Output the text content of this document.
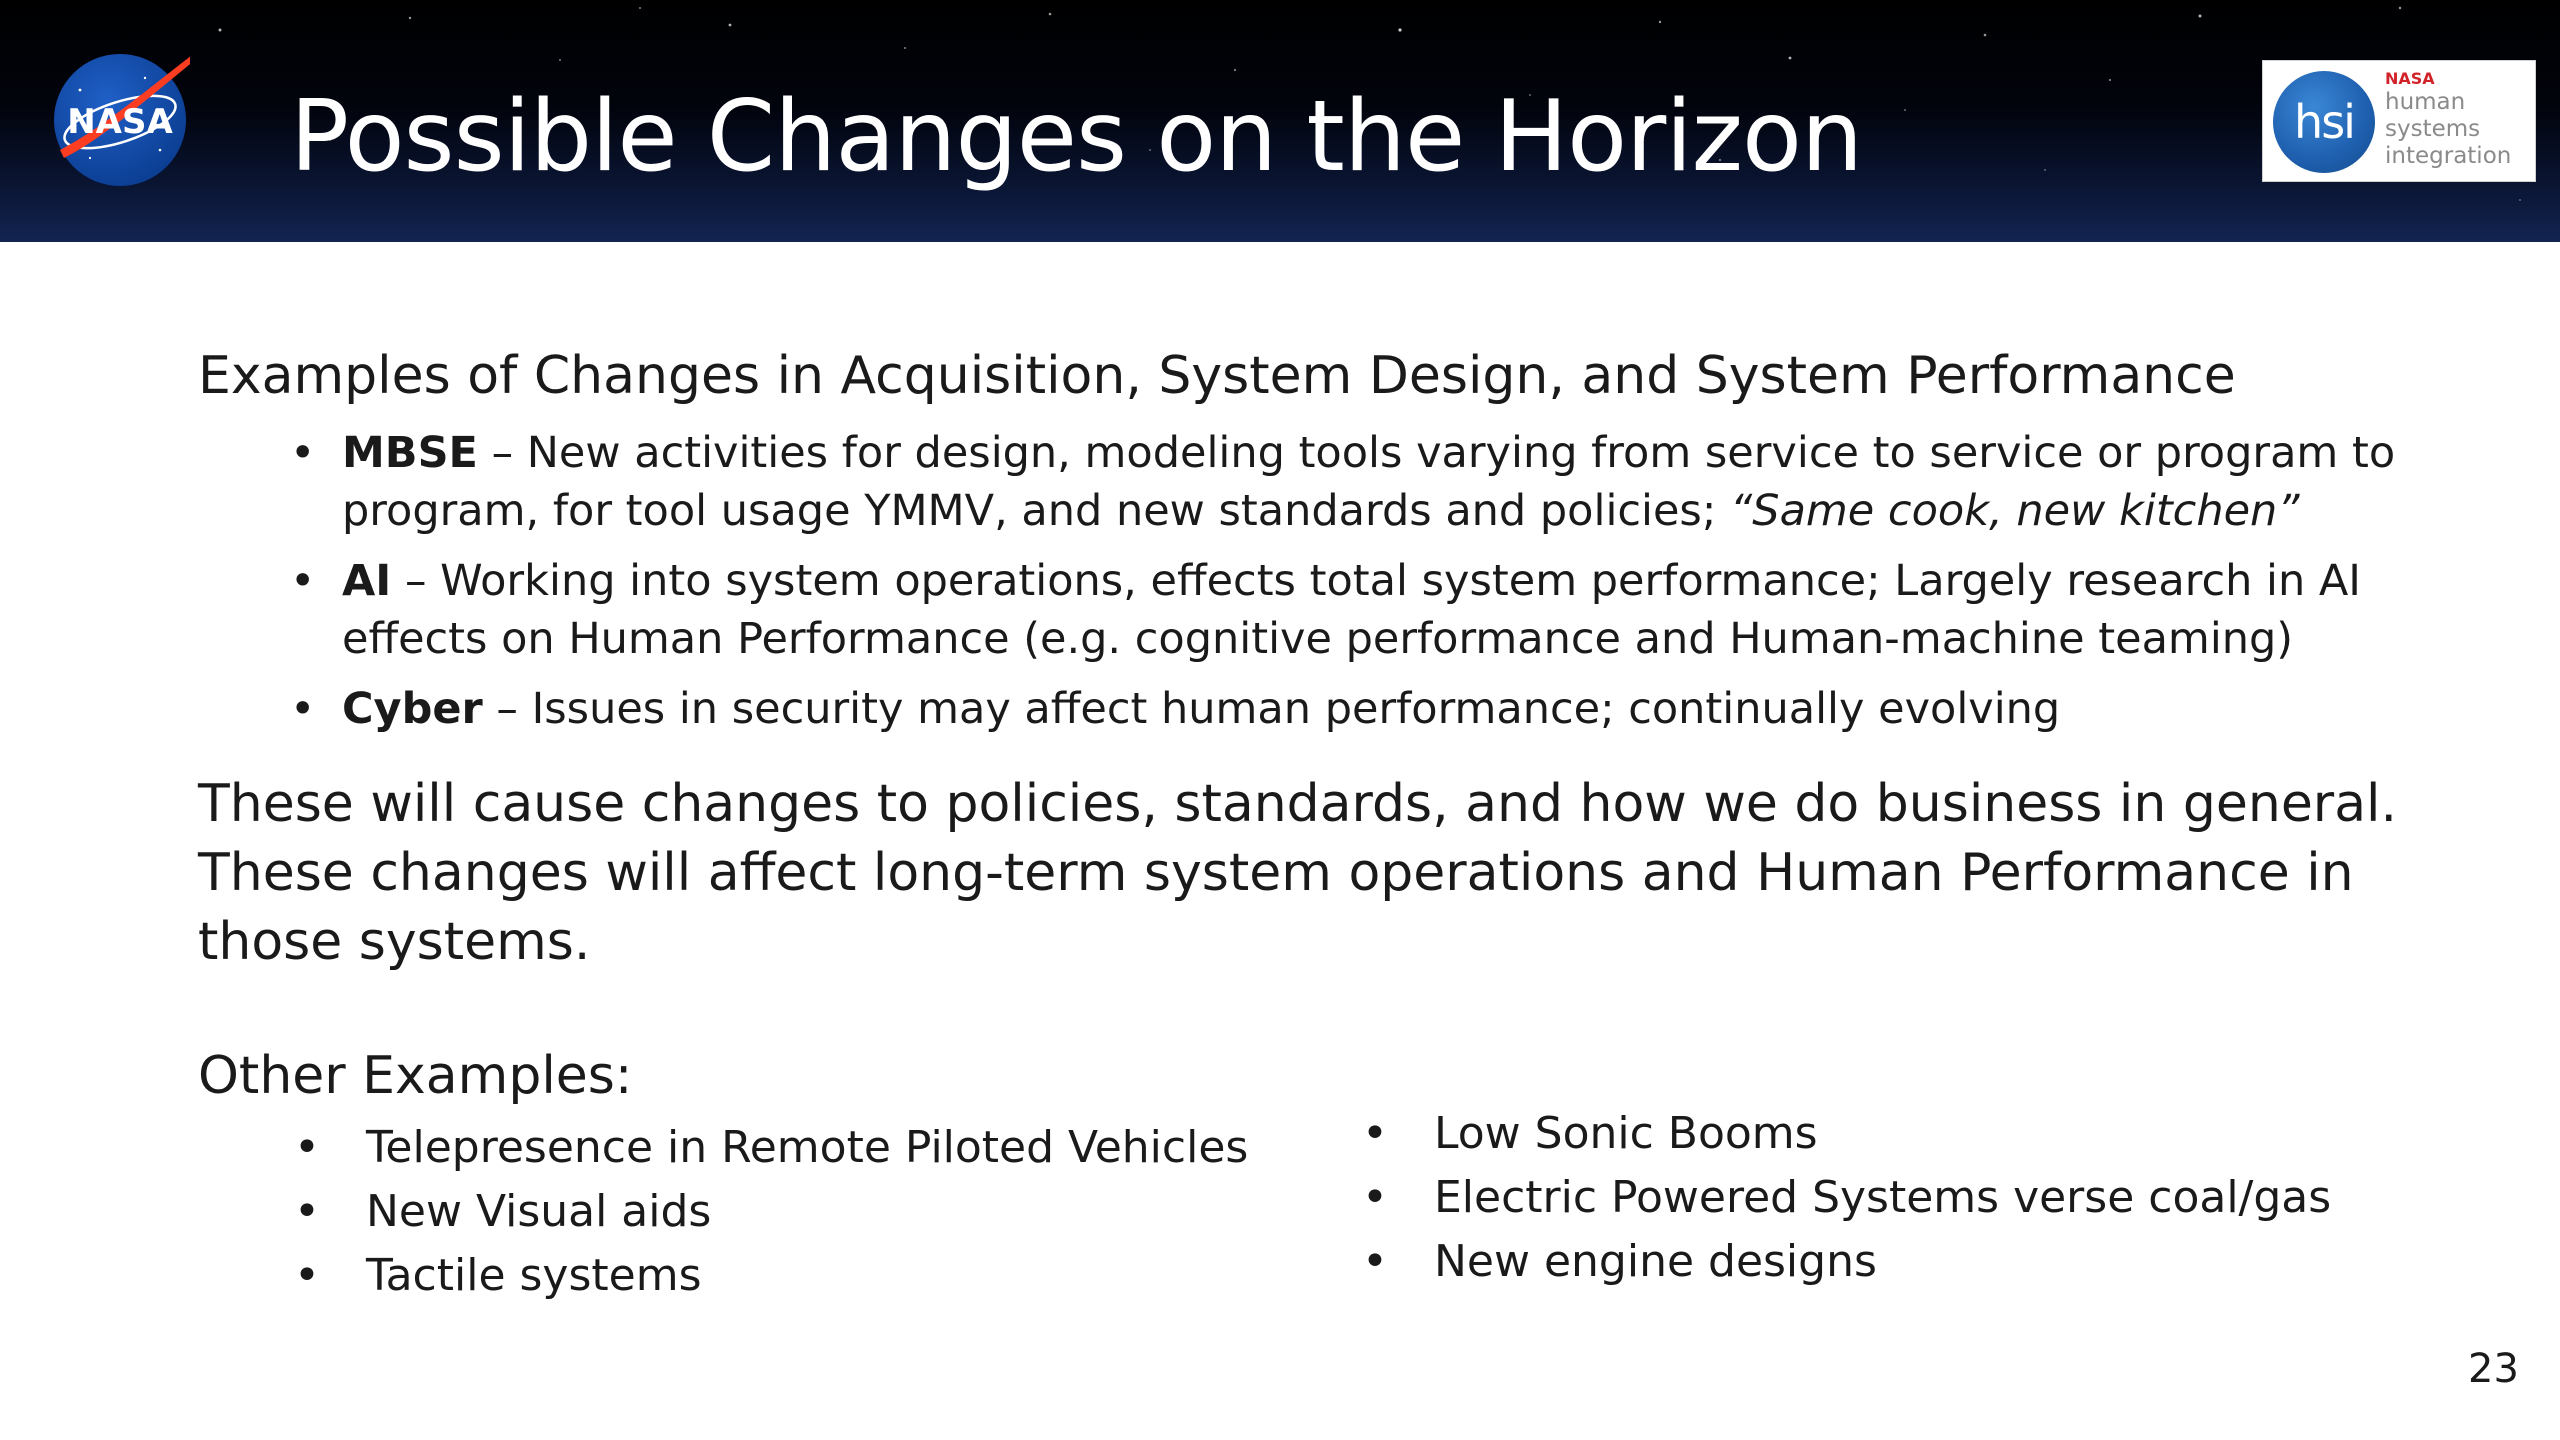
NASA Possible Changes on the Horizon	hsi
NASA
human
systems
integration
Examples of Changes in Acquisition, System Design, and System Performance
• MBSE – New activities for design, modeling tools varying from service to service or program to program, for tool usage YMMV, and new standards and policies; “Same cook, new kitchen”
• AI – Working into system operations, effects total system performance; Largely research in AI effects on Human Performance (e.g. cognitive performance and Human-machine teaming)
• Cyber – Issues in security may affect human performance; continually evolving

These will cause changes to policies, standards, and how we do business in general. These changes will affect long-term system operations and Human Performance in those systems.

Other Examples:
• Telepresence in Remote Piloted Vehicles
• New Visual aids
• Tactile systems
• Low Sonic Booms
• Electric Powered Systems verse coal/gas
• New engine designs
23
